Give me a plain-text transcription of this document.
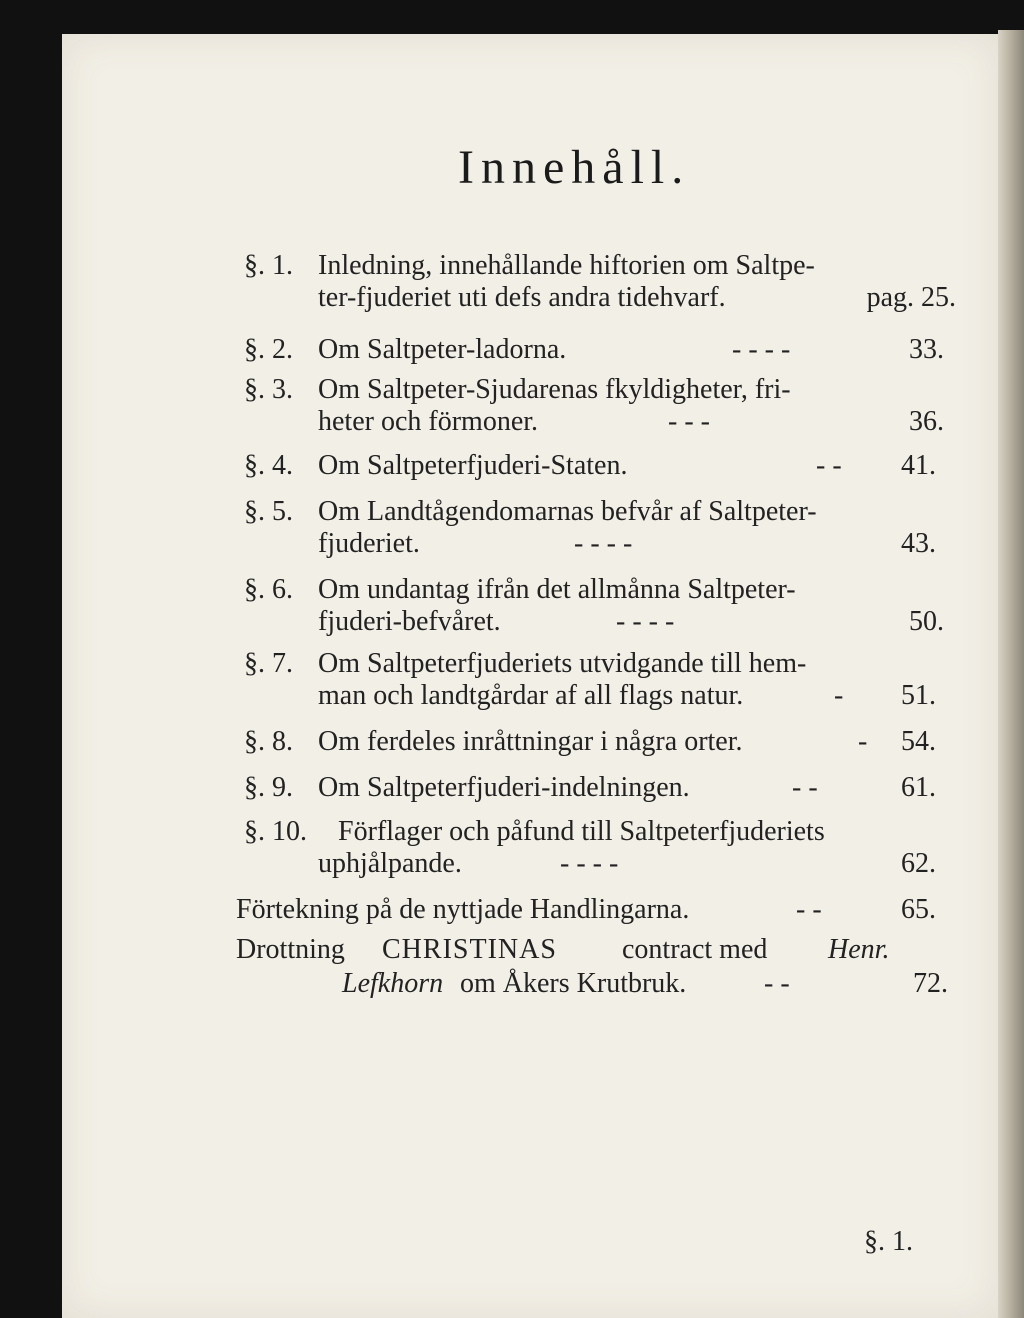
Innehåll.
§. 1. Inledning, innehållande hiftorien om Saltpe-
ter-fjuderiet uti defs andra tidehvarf.	pag. 25.
§. 2. Om Saltpeter-ladorna.	- - - -	33.
§. 3. Om Saltpeter-Sjudarenas fkyldigheter, fri-
heter och förmoner.	- - -	36.
§. 4. Om Saltpeterfjuderi-Staten.	- - 41.
§. 5. Om Landtågendomarnas befvår af Saltpeter-
fjuderiet.	- - - -	43.
§. 6. Om undantag ifrån det allmånna Saltpeter-
fjuderi-befvåret.	- - - -	50.
§. 7. Om Saltpeterfjuderiets utvidgande till hem-
man och landtgårdar af all flags natur.	- 51.
§. 8. Om ferdeles inråttningar i några orter.	- 54.
§. 9. Om Saltpeterfjuderi-indelningen.	- -	61.
§. 10. Förflager och påfund till Saltpeterfjuderiets
uphjålpande.	- - - -	62.
Förtekning på de nyttjade Handlingarna.	- -	65.
Drottning CHRISTINAS contract med Henr.
Lefkhorn om Åkers Krutbruk.	- -	72.
§. 1.
